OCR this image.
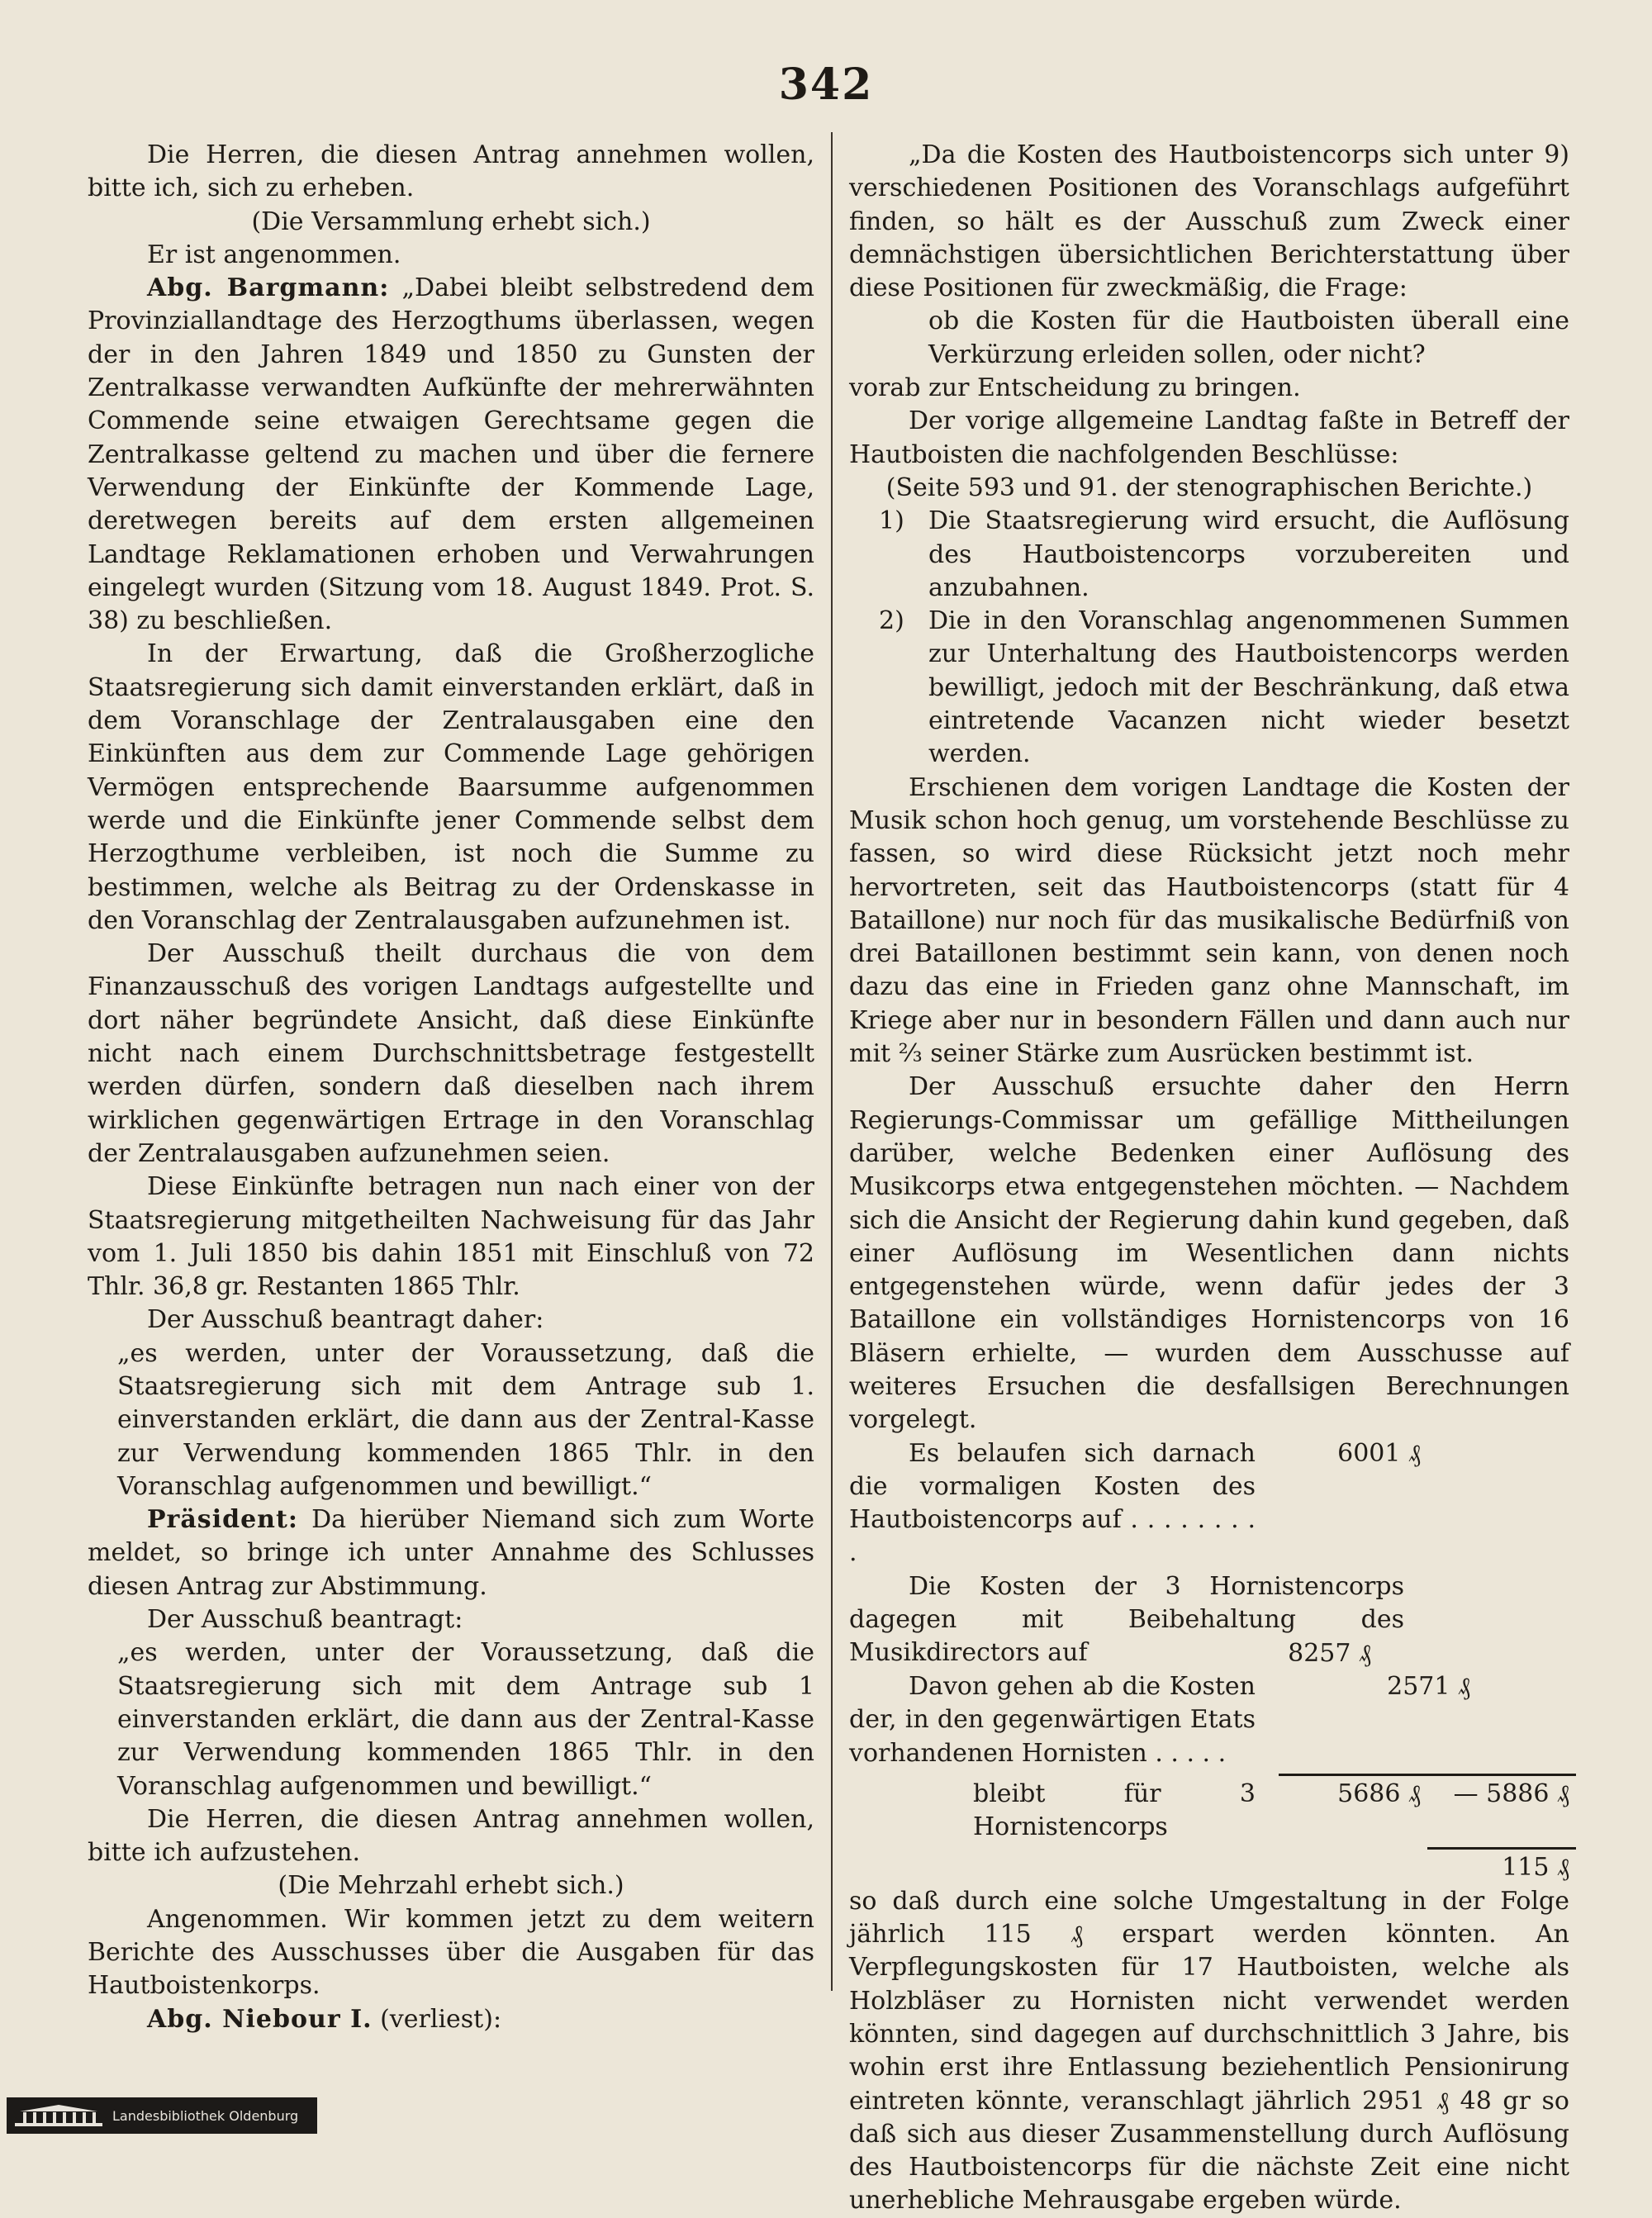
342

Die Herren, die diesen Antrag annehmen wollen, bitte ich, sich zu erheben.

(Die Versammlung erhebt sich.)

Er ist angenommen.

Abg. Bargmann: „Dabei bleibt selbstredend dem Provinziallandtage des Herzogthums überlassen, wegen der in den Jahren 1849 und 1850 zu Gunsten der Zentralkasse verwandten Aufkünfte der mehrerwähnten Commende seine etwaigen Gerechtsame gegen die Zentralkasse geltend zu machen und über die fernere Verwendung der Einkünfte der Kommende Lage, deretwegen bereits auf dem ersten allgemeinen Landtage Reklamationen erhoben und Verwahrungen eingelegt wurden (Sitzung vom 18. August 1849. Prot. S. 38) zu beschließen.

In der Erwartung, daß die Großherzogliche Staatsregierung sich damit einverstanden erklärt, daß in dem Voranschlage der Zentralausgaben eine den Einkünften aus dem zur Commende Lage gehörigen Vermögen entsprechende Baarsumme aufgenommen werde und die Einkünfte jener Commende selbst dem Herzogthume verbleiben, ist noch die Summe zu bestimmen, welche als Beitrag zu der Ordenskasse in den Voranschlag der Zentralausgaben aufzunehmen ist.

Der Ausschuß theilt durchaus die von dem Finanzausschuß des vorigen Landtags aufgestellte und dort näher begründete Ansicht, daß diese Einkünfte nicht nach einem Durchschnittsbetrage festgestellt werden dürfen, sondern daß dieselben nach ihrem wirklichen gegenwärtigen Ertrage in den Voranschlag der Zentralausgaben aufzunehmen seien.

Diese Einkünfte betragen nun nach einer von der Staatsregierung mitgetheilten Nachweisung für das Jahr vom 1. Juli 1850 bis dahin 1851 mit Einschluß von 72 Thlr. 36,8 gr. Restanten 1865 Thlr.

Der Ausschuß beantragt daher:

„es werden, unter der Voraussetzung, daß die Staatsregierung sich mit dem Antrage sub 1. einverstanden erklärt, die dann aus der Zentral-Kasse zur Verwendung kommenden 1865 Thlr. in den Voranschlag aufgenommen und bewilligt.“

Präsident: Da hierüber Niemand sich zum Worte meldet, so bringe ich unter Annahme des Schlusses diesen Antrag zur Abstimmung.

Der Ausschuß beantragt:

„es werden, unter der Voraussetzung, daß die Staatsregierung sich mit dem Antrage sub 1 einverstanden erklärt, die dann aus der Zentral-Kasse zur Verwendung kommenden 1865 Thlr. in den Voranschlag aufgenommen und bewilligt.“

Die Herren, die diesen Antrag annehmen wollen, bitte ich aufzustehen.

(Die Mehrzahl erhebt sich.)

Angenommen. Wir kommen jetzt zu dem weitern Berichte des Ausschusses über die Ausgaben für das Hautboistenkorps.

Abg. Niebour I. (verliest):

„Da die Kosten des Hautboistencorps sich unter 9) verschiedenen Positionen des Voranschlags aufgeführt finden, so hält es der Ausschuß zum Zweck einer demnächstigen übersichtlichen Berichterstattung über diese Positionen für zweckmäßig, die Frage:

ob die Kosten für die Hautboisten überall eine Verkürzung erleiden sollen, oder nicht?

vorab zur Entscheidung zu bringen.

Der vorige allgemeine Landtag faßte in Betreff der Hautboisten die nachfolgenden Beschlüsse:

(Seite 593 und 91. der stenographischen Berichte.)

1) Die Staatsregierung wird ersucht, die Auflösung des Hautboistencorps vorzubereiten und anzubahnen.
2) Die in den Voranschlag angenommenen Summen zur Unterhaltung des Hautboistencorps werden bewilligt, jedoch mit der Beschränkung, daß etwa eintretende Vacanzen nicht wieder besetzt werden.

Erschienen dem vorigen Landtage die Kosten der Musik schon hoch genug, um vorstehende Beschlüsse zu fassen, so wird diese Rücksicht jetzt noch mehr hervortreten, seit das Hautboistencorps (statt für 4 Bataillone) nur noch für das musikalische Bedürfniß von drei Bataillonen bestimmt sein kann, von denen noch dazu das eine in Frieden ganz ohne Mannschaft, im Kriege aber nur in besondern Fällen und dann auch nur mit ⅔ seiner Stärke zum Ausrücken bestimmt ist.

Der Ausschuß ersuchte daher den Herrn Regierungs-Commissar um gefällige Mittheilungen darüber, welche Bedenken einer Auflösung des Musikcorps etwa entgegenstehen möchten. — Nachdem sich die Ansicht der Regierung dahin kund gegeben, daß einer Auflösung im Wesentlichen dann nichts entgegenstehen würde, wenn dafür jedes der 3 Bataillone ein vollständiges Hornistencorps von 16 Bläsern erhielte, — wurden dem Ausschusse auf weiteres Ersuchen die desfallsigen Berechnungen vorgelegt.

Es belaufen sich darnach die vormaligen Kosten des Hautboistencorps auf . . . . . . . . .
6001 ₰
Die Kosten der 3 Hornistencorps dagegen mit Beibehaltung des Musikdirectors auf	8257 ₰
Davon gehen ab die Kosten der, in den gegenwärtigen Etats vorhandenen Hornisten . . . . .
2571 ₰
bleibt für 3 Hornistencorps
5686 ₰	— 5886 ₰
115 ₰

so daß durch eine solche Umgestaltung in der Folge jährlich 115 ₰ erspart werden könnten. An Verpflegungskosten für 17 Hautboisten, welche als Holzbläser zu Hornisten nicht verwendet werden könnten, sind dagegen auf durchschnittlich 3 Jahre, bis wohin erst ihre Entlassung beziehentlich Pensionirung eintreten könnte, veranschlagt jährlich 2951 ₰ 48 gr so daß sich aus dieser Zusammenstellung durch Auflösung des Hautboistencorps für die nächste Zeit eine nicht unerhebliche Mehrausgabe ergeben würde.

Landesbibliothek Oldenburg
